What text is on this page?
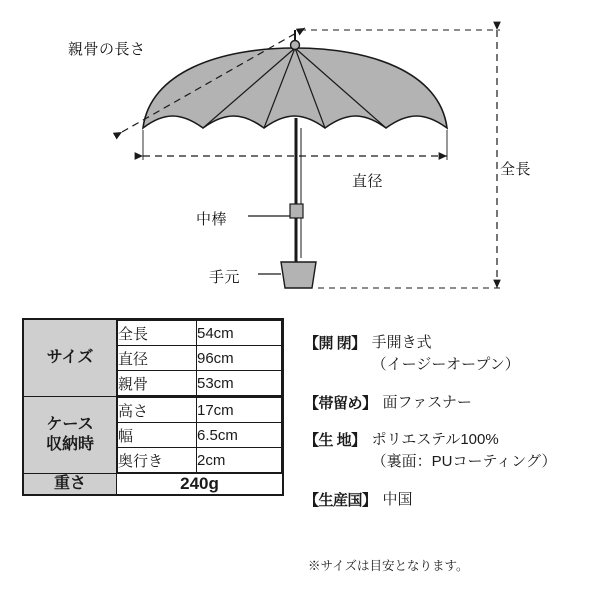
親骨の長さ
直径
全長
中棒
手元
サイズ	
全長	54cm
直径	96cm
親骨	53cm

ケース
収納時

高さ	17cm
幅	6.5cm
奥行き	2cm

重さ	240g
【開 閉】 手開き式
（イージーオープン）
【帯留め】 面ファスナー
【生 地】 ポリエステル100%
（裏面：PUコーティング）
【生産国】 中国
※サイズは目安となります。
